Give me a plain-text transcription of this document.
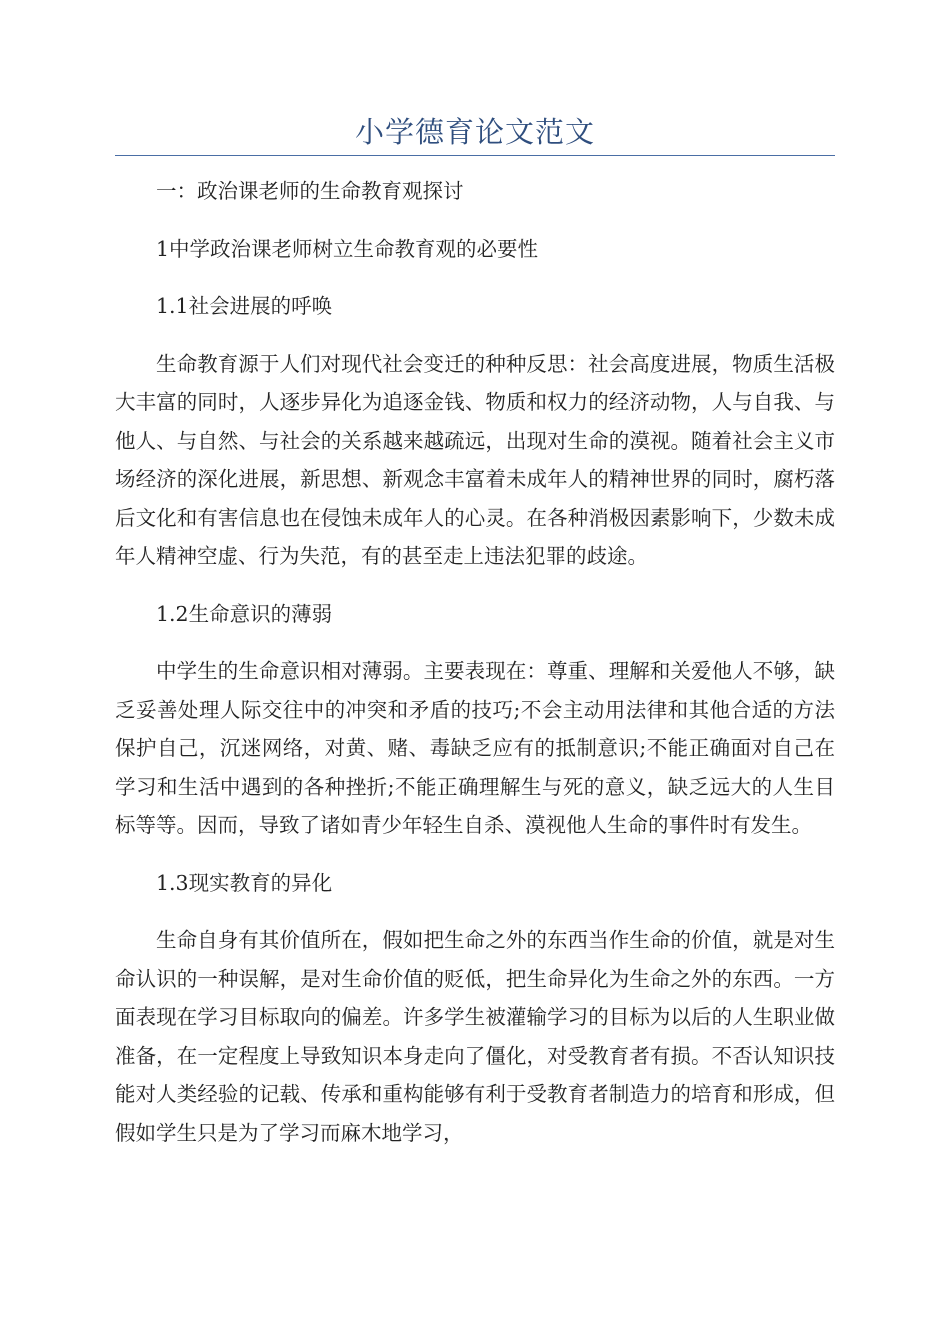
小学德育论文范文

一：政治课老师的生命教育观探讨

1中学政治课老师树立生命教育观的必要性

1.1社会进展的呼唤

生命教育源于人们对现代社会变迁的种种反思：社会高度进展，物质生活极大丰富的同时，人逐步异化为追逐金钱、物质和权力的经济动物，人与自我、与他人、与自然、与社会的关系越来越疏远，出现对生命的漠视。随着社会主义市场经济的深化进展，新思想、新观念丰富着未成年人的精神世界的同时，腐朽落后文化和有害信息也在侵蚀未成年人的心灵。在各种消极因素影响下，少数未成年人精神空虚、行为失范，有的甚至走上违法犯罪的歧途。

1.2生命意识的薄弱

中学生的生命意识相对薄弱。主要表现在：尊重、理解和关爱他人不够，缺乏妥善处理人际交往中的冲突和矛盾的技巧;不会主动用法律和其他合适的方法保护自己，沉迷网络，对黄、赌、毒缺乏应有的抵制意识;不能正确面对自己在学习和生活中遇到的各种挫折;不能正确理解生与死的意义，缺乏远大的人生目标等等。因而，导致了诸如青少年轻生自杀、漠视他人生命的事件时有发生。

1.3现实教育的异化

生命自身有其价值所在，假如把生命之外的东西当作生命的价值，就是对生命认识的一种误解，是对生命价值的贬低，把生命异化为生命之外的东西。一方面表现在学习目标取向的偏差。许多学生被灌输学习的目标为以后的人生职业做准备，在一定程度上导致知识本身走向了僵化，对受教育者有损。不否认知识技能对人类经验的记载、传承和重构能够有利于受教育者制造力的培育和形成，但假如学生只是为了学习而麻木地学习，
